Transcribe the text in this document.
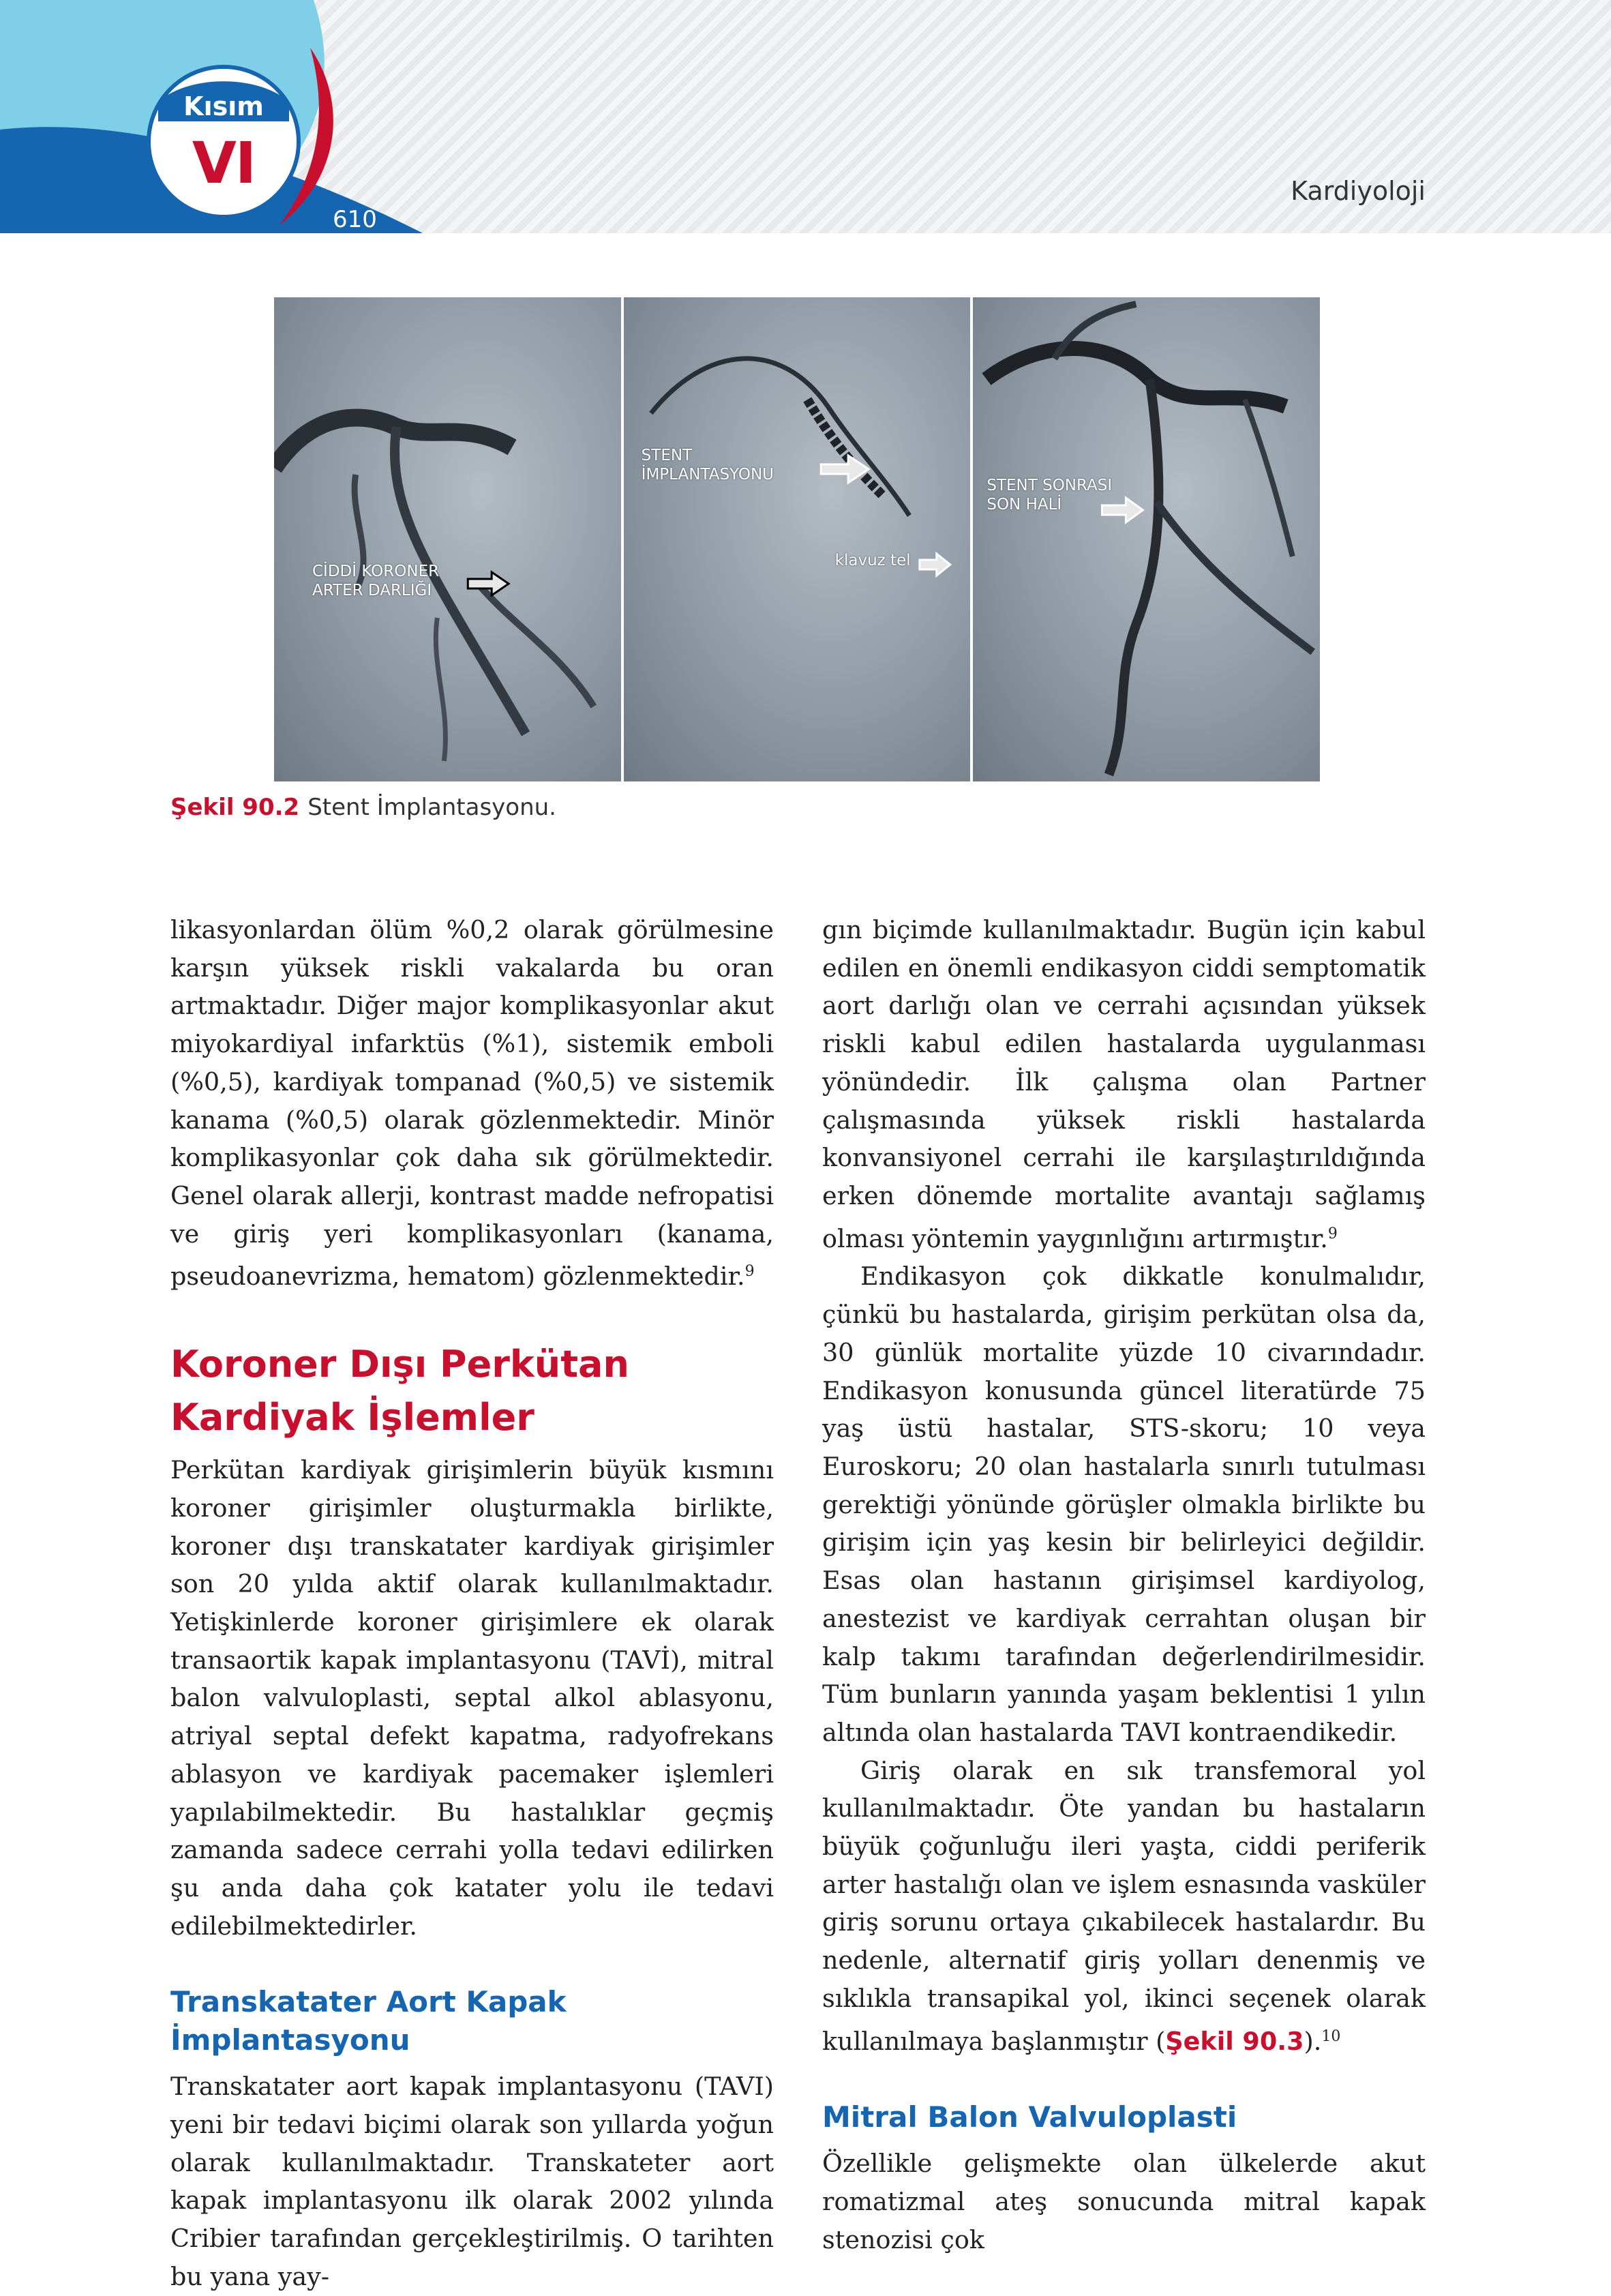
Kısım
VI
610
Kardiyoloji
CİDDİ KORONER
ARTER DARLIĞI
STENT
İMPLANTASYONU
klavuz tel
STENT SONRASI
SON HALİ
Şekil 90.2 Stent İmplantasyonu.

likasyonlardan ölüm %0,2 olarak görülmesine karşın yüksek riskli vakalarda bu oran artmaktadır. Diğer major komplikasyonlar akut miyokardiyal infarktüs (%1), sistemik emboli (%0,5), kardiyak tompanad (%0,5) ve sistemik kanama (%0,5) olarak gözlenmektedir. Minör komplikasyonlar çok daha sık görülmektedir. Genel olarak allerji, kontrast madde nefropatisi ve giriş yeri komplikasyonları (kanama, pseudoanevrizma, hematom) gözlenmektedir.$^9$

Koroner Dışı Perkütan
Kardiyak İşlemler

Perkütan kardiyak girişimlerin büyük kısmını koroner girişimler oluşturmakla birlikte, koroner dışı transkatater kardiyak girişimler son 20 yılda aktif olarak kullanılmaktadır. Yetişkinlerde koroner girişimlere ek olarak transaortik kapak implantasyonu (TAVİ), mitral balon valvuloplasti, septal alkol ablasyonu, atriyal septal defekt kapatma, radyofrekans ablasyon ve kardiyak pacemaker işlemleri yapılabilmektedir. Bu hastalıklar geçmiş zamanda sadece cerrahi yolla tedavi edilirken şu anda daha çok katater yolu ile tedavi edilebilmektedirler.

Transkatater Aort Kapak İmplantasyonu

Transkatater aort kapak implantasyonu (TAVI) yeni bir tedavi biçimi olarak son yıllarda yoğun olarak kullanılmaktadır. Transkateter aort kapak implantasyonu ilk olarak 2002 yılında Cribier tarafından gerçekleştirilmiş. O tarihten bu yana yay-

gın biçimde kullanılmaktadır. Bugün için kabul edilen en önemli endikasyon ciddi semptomatik aort darlığı olan ve cerrahi açısından yüksek riskli kabul edilen hastalarda uygulanması yönündedir. İlk çalışma olan Partner çalışmasında yüksek riskli hastalarda konvansiyonel cerrahi ile karşılaştırıldığında erken dönemde mortalite avantajı sağlamış olması yöntemin yaygınlığını artırmıştır.$^9$

Endikasyon çok dikkatle konulmalıdır, çünkü bu hastalarda, girişim perkütan olsa da, 30 günlük mortalite yüzde 10 civarındadır. Endikasyon konusunda güncel literatürde 75 yaş üstü hastalar, STS-skoru; 10 veya Euroskoru; 20 olan hastalarla sınırlı tutulması gerektiği yönünde görüşler olmakla birlikte bu girişim için yaş kesin bir belirleyici değildir. Esas olan hastanın girişimsel kardiyolog, anestezist ve kardiyak cerrahtan oluşan bir kalp takımı tarafından değerlendirilmesidir. Tüm bunların yanında yaşam beklentisi 1 yılın altında olan hastalarda TAVI kontraendikedir.

Giriş olarak en sık transfemoral yol kullanılmaktadır. Öte yandan bu hastaların büyük çoğunluğu ileri yaşta, ciddi periferik arter hastalığı olan ve işlem esnasında vasküler giriş sorunu ortaya çıkabilecek hastalardır. Bu nedenle, alternatif giriş yolları denenmiş ve sıklıkla transapikal yol, ikinci seçenek olarak kullanılmaya başlanmıştır (Şekil 90.3).$^{10}$

Mitral Balon Valvuloplasti

Özellikle gelişmekte olan ülkelerde akut romatizmal ateş sonucunda mitral kapak stenozisi çok
